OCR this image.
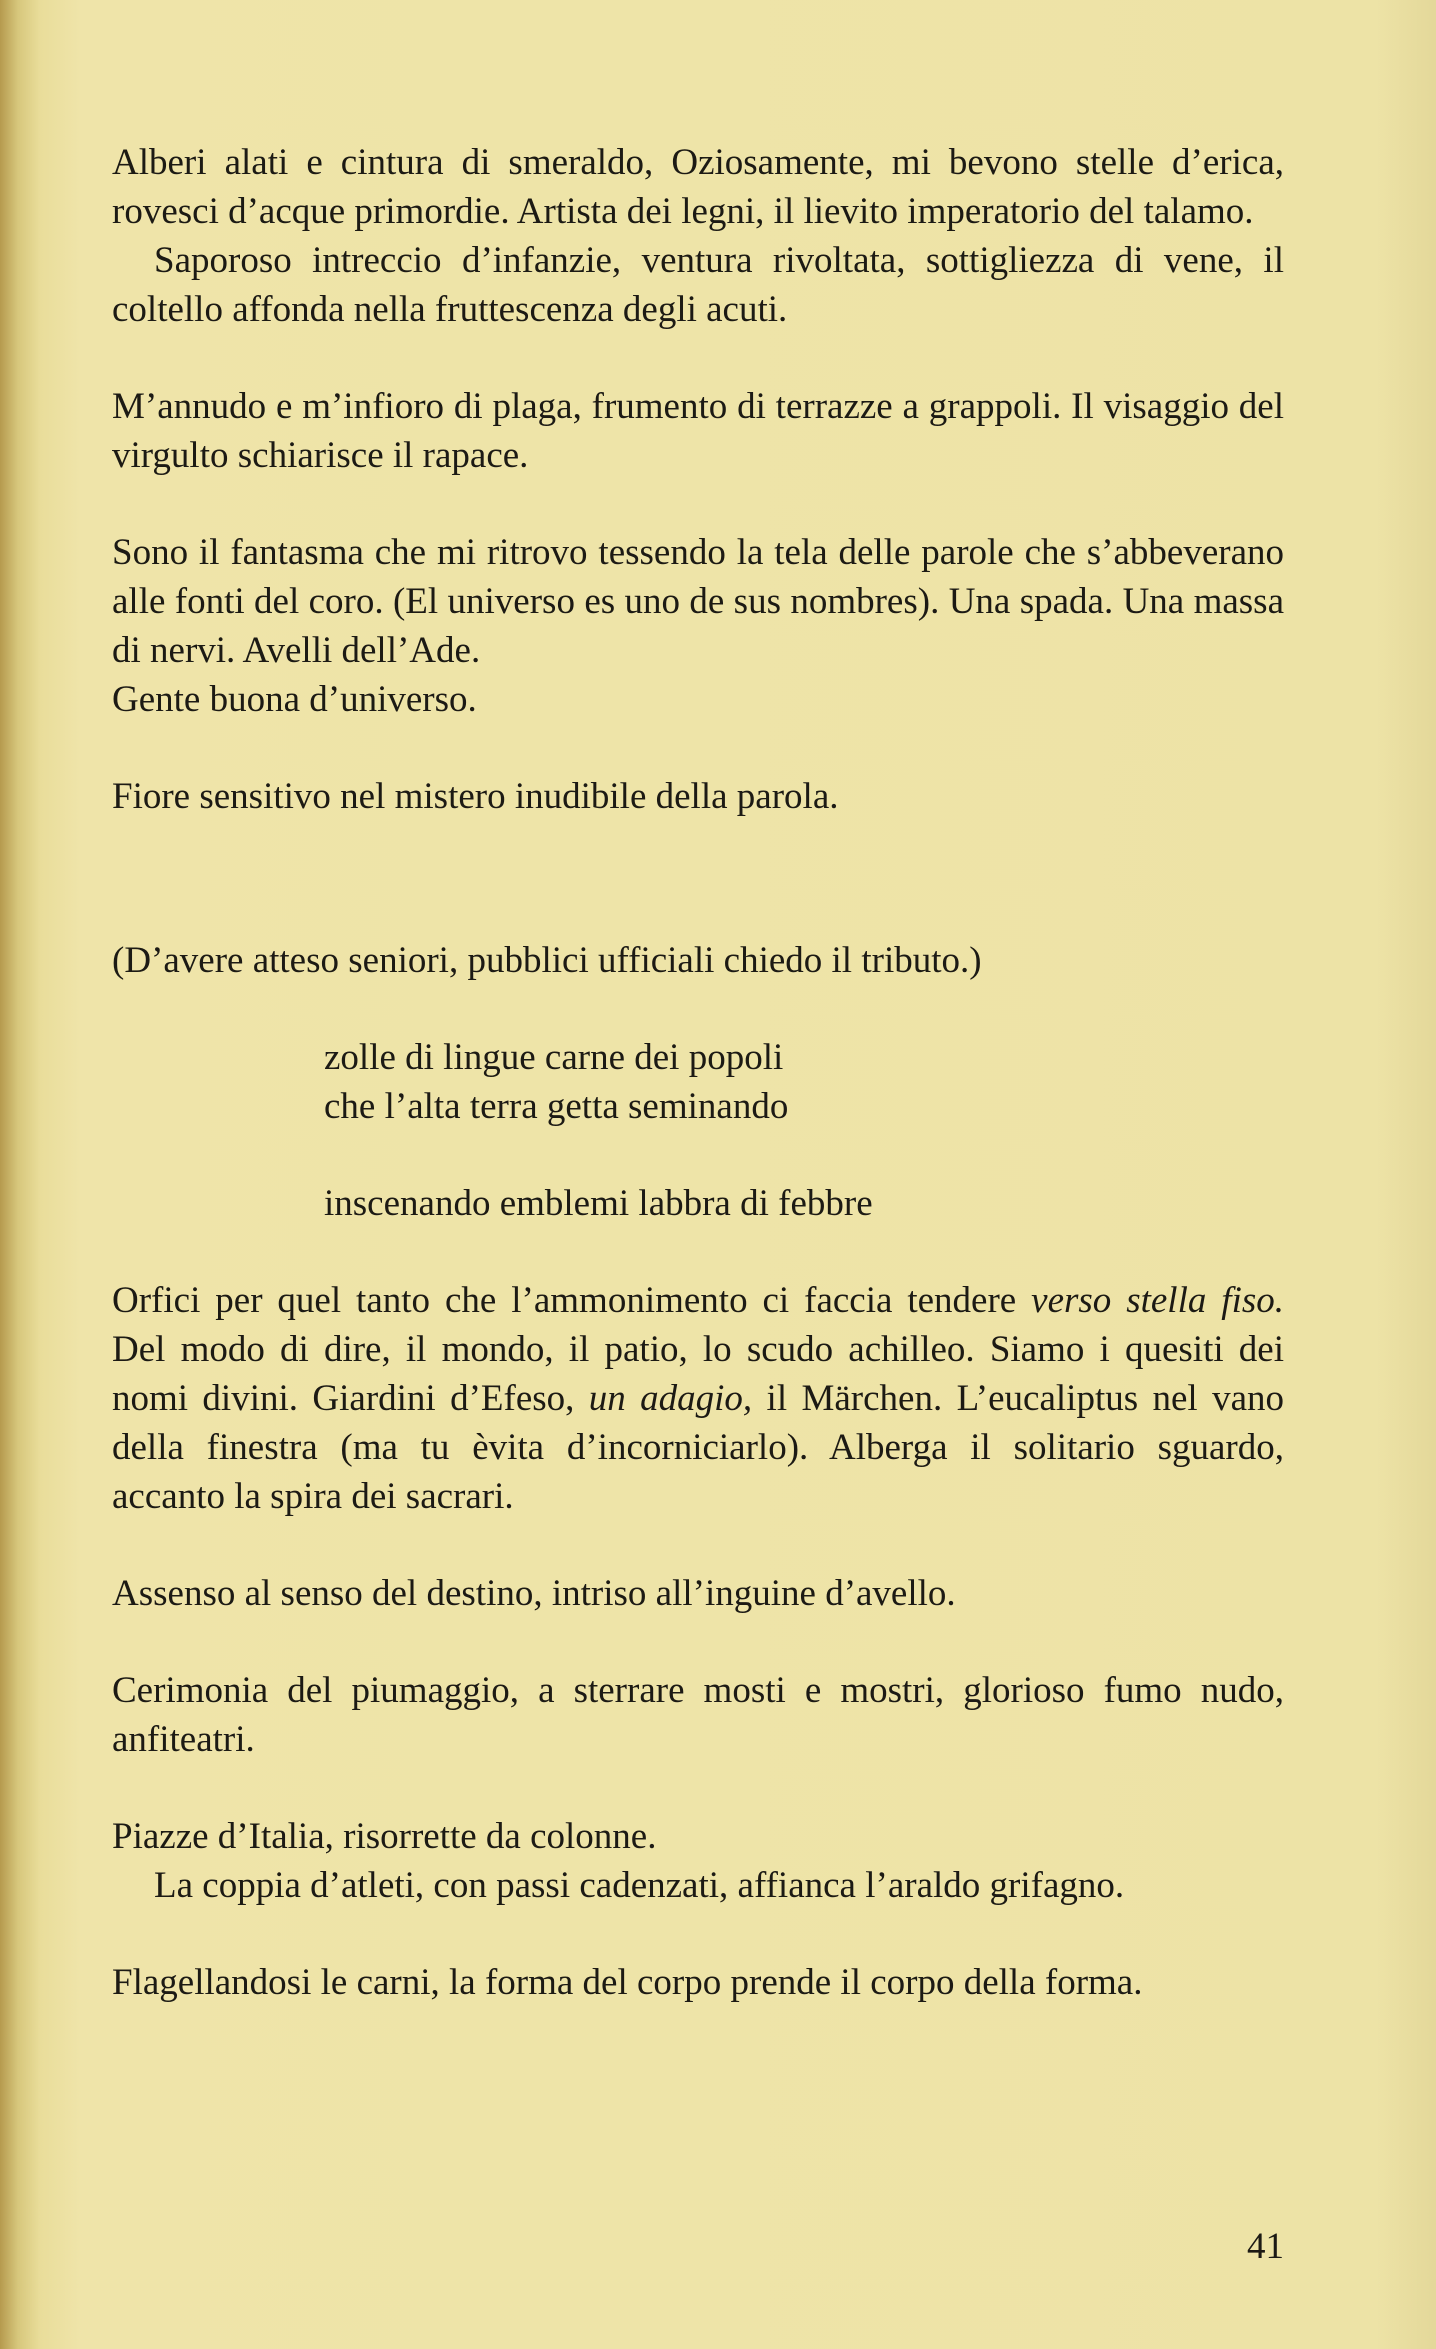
Alberi alati e cintura di smeraldo, Oziosamente, mi bevono stelle d’erica, rovesci d’acque primordie. Artista dei legni, il lievito imperatorio del talamo.

Saporoso intreccio d’infanzie, ventura rivoltata, sottigliezza di vene, il coltello affonda nella fruttescenza degli acuti.

M’annudo e m’infioro di plaga, frumento di terrazze a grappoli. Il visaggio del virgulto schiarisce il rapace.

Sono il fantasma che mi ritrovo tessendo la tela delle parole che s’abbeverano alle fonti del coro. (El universo es uno de sus nombres). Una spada. Una massa di nervi. Avelli dell’Ade.

Gente buona d’universo.

Fiore sensitivo nel mistero inudibile della parola.

(D’avere atteso seniori, pubblici ufficiali chiedo il tributo.)

zolle di lingue carne dei popoli

che l’alta terra getta seminando

inscenando emblemi labbra di febbre

Orfici per quel tanto che l’ammonimento ci faccia tendere verso stella fiso. Del modo di dire, il mondo, il patio, lo scudo achilleo. Siamo i quesiti dei nomi divini. Giardini d’Efeso, un adagio, il Märchen. L’eucaliptus nel vano della finestra (ma tu èvita d’incorniciarlo). Alberga il solitario sguardo, accanto la spira dei sacrari.

Assenso al senso del destino, intriso all’inguine d’avello.

Cerimonia del piumaggio, a sterrare mosti e mostri, glorioso fumo nudo, anfiteatri.

Piazze d’Italia, risorrette da colonne.

La coppia d’atleti, con passi cadenzati, affianca l’araldo grifagno.

Flagellandosi le carni, la forma del corpo prende il corpo della forma.

41
